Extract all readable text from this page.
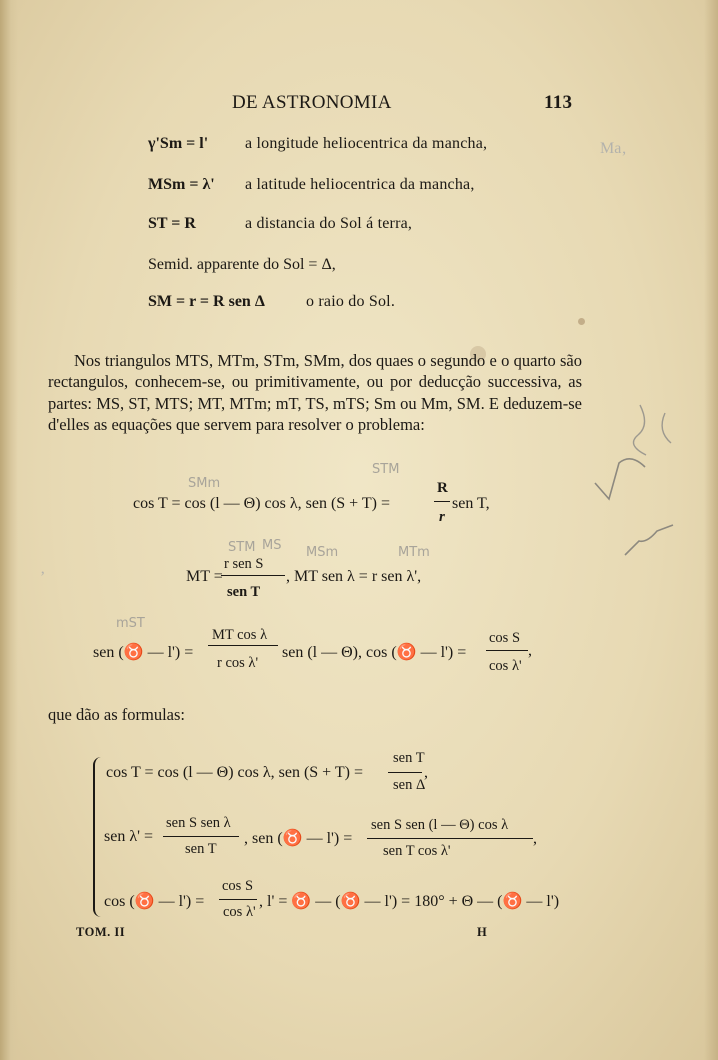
Ma‚
‚
DE ASTRONOMIA	113
γ'Sm = l' a longitude heliocentrica da mancha,
MSm = λ' a latitude heliocentrica da mancha,
ST = R	a distancia do Sol á terra,
Semid. apparente do Sol = Δ,
SM = r = R sen Δ	o raio do Sol.
Nos triangulos MTS, MTm, STm, SMm, dos quaes o segundo e o quarto são rectangulos, conhecem-se, ou primitivamente, ou por deducção successiva, as partes: MS, ST, MTS; MT, MTm; mT, TS, mTS; Sm ou Mm, SM. E deduzem-se d'elles as equações que servem para resolver o problema:
SMm
STM
STM MS MSm	MTm
mST
cos T = cos (l — Θ) cos λ, sen (S + T) =
R
r
sen T,
MT =
r sen S
sen T
, MT sen λ = r sen λ',
sen (♉ — l') =
MT cos λ
r cos λ'
sen (l — Θ), cos (♉ — l') =
cos S
cos λ'
,
que dão as formulas:
cos T = cos (l — Θ) cos λ, sen (S + T) =
sen T
sen Δ
,
sen λ' =
sen S sen λ
sen T
, sen (♉ — l') =
sen S sen (l — Θ) cos λ
sen T cos λ'
,
cos (♉ — l') =
cos S
cos λ'
, l' = ♉ — (♉ — l') = 180° + Θ — (♉ — l')
TOM. II	H
